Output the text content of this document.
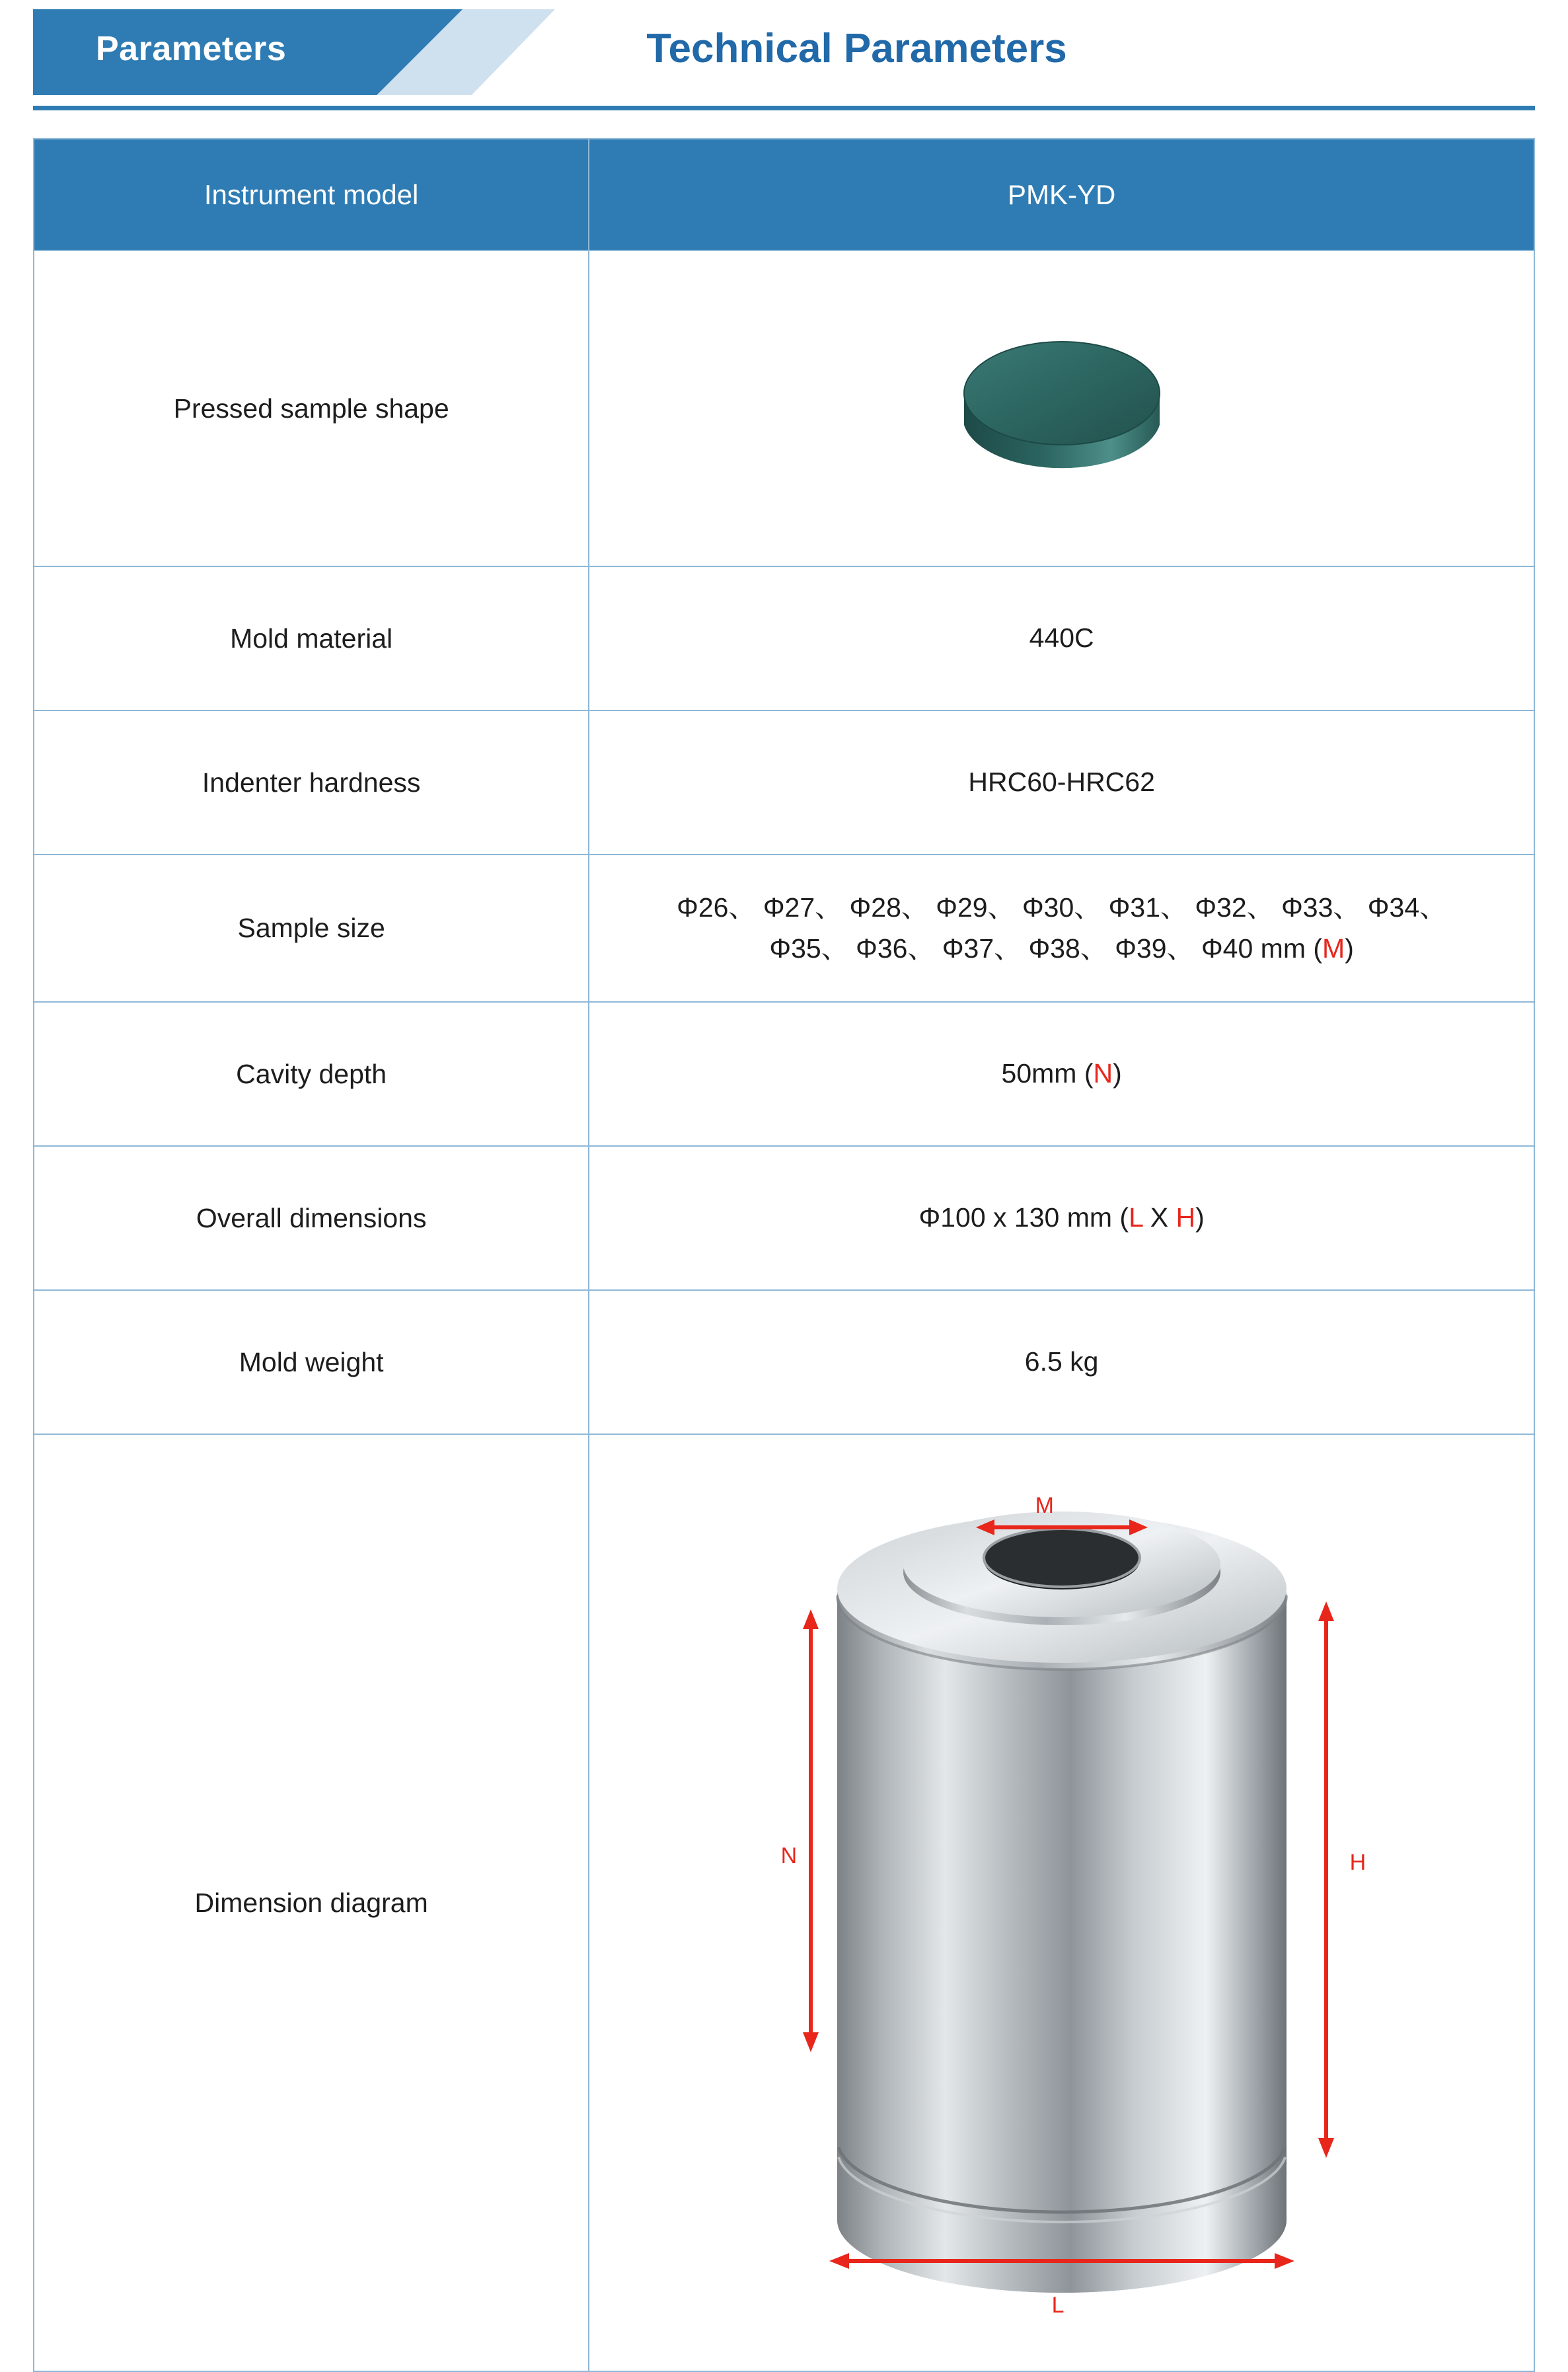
Parameters	Technical Parameters
Instrument model	PMK-YD
Pressed sample shape	

Mold material	440C
Indenter hardness	HRC60-HRC62
Sample size	Φ26、 Φ27、 Φ28、 Φ29、 Φ30、 Φ31、 Φ32、 Φ33、 Φ34、
Φ35、 Φ36、 Φ37、 Φ38、 Φ39、 Φ40 mm (M)
Cavity depth	50mm (N)
Overall dimensions	Φ100 x 130 mm (L X H)
Mold weight	6.5 kg
Dimension diagram	M
N H
L
